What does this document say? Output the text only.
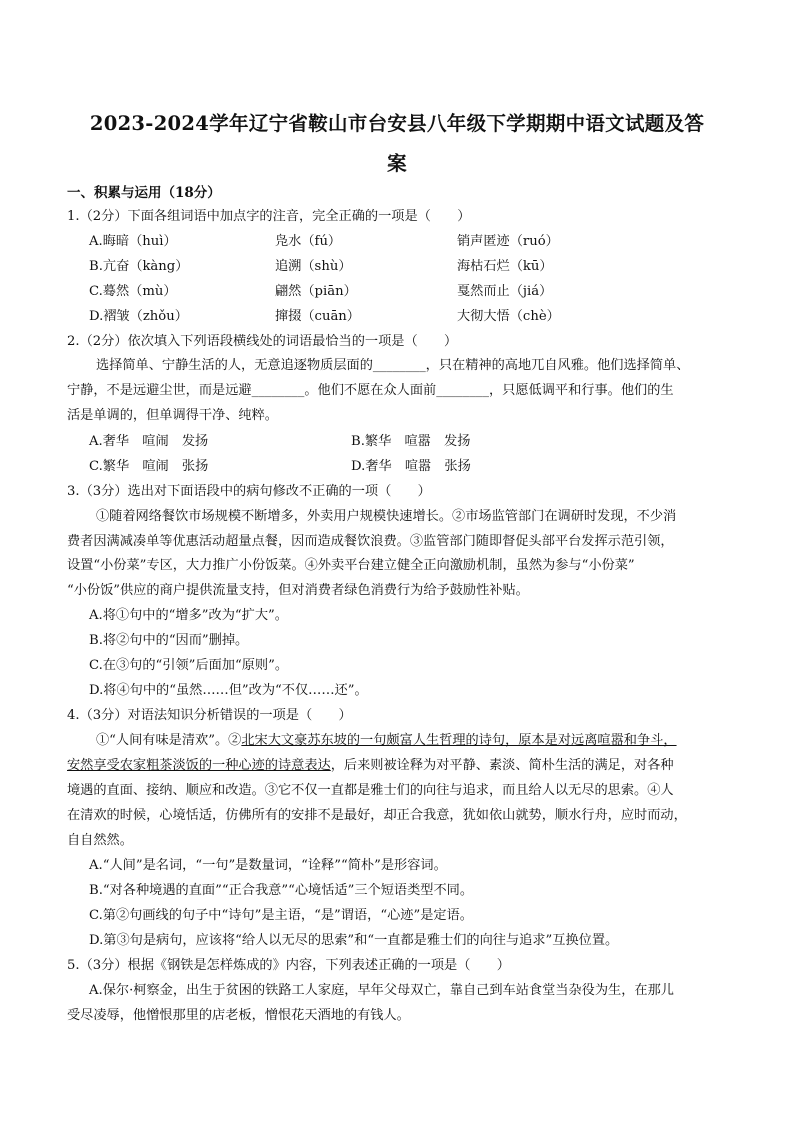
2023-2024学年辽宁省鞍山市台安县八年级下学期期中语文试题及答
案
一、积累与运用（18分）
1.（2分）下面各组词语中加点字的注音，完全正确的一项是（　　）
A.晦暗（huì）	凫水（fú）	销声匿迹（ruó）
B.亢奋（kàng）	追溯（shù）	海枯石烂（kū）
C.蓦然（mù）	翩然（piān）	戛然而止（jiá）
D.褶皱（zhǒu）	撺掇（cuān）	大彻大悟（chè）
2.（2分）依次填入下列语段横线处的词语最恰当的一项是（　　）
选择简单、宁静生活的人，无意追逐物质层面的________，只在精神的高地兀自风雅。他们选择简单、
宁静，不是远避尘世，而是远避________。他们不愿在众人面前________，只愿低调平和行事。他们的生
活是单调的，但单调得干净、纯粹。
A.奢华　喧闹　发扬	B.繁华　喧嚣　发扬
C.繁华　喧闹　张扬	D.奢华　喧嚣　张扬
3.（3分）选出对下面语段中的病句修改不正确的一项（　　）
①随着网络餐饮市场规模不断增多，外卖用户规模快速增长。②市场监管部门在调研时发现，不少消
费者因满减凑单等优惠活动超量点餐，因而造成餐饮浪费。③监管部门随即督促头部平台发挥示范引领，
设置“小份菜”专区，大力推广小份饭菜。④外卖平台建立健全正向激励机制，虽然为参与“小份菜”
“小份饭”供应的商户提供流量支持，但对消费者绿色消费行为给予鼓励性补贴。
A.将①句中的“增多”改为“扩大”。
B.将②句中的“因而”删掉。
C.在③句的“引领”后面加“原则”。
D.将④句中的“虽然……但”改为“不仅……还”。
4.（3分）对语法知识分析错误的一项是（　　）
①“人间有味是清欢”。②北宋大文豪苏东坡的一句颇富人生哲理的诗句，原本是对远离喧嚣和争斗，
安然享受农家粗茶淡饭的一种心迹的诗意表达，后来则被诠释为对平静、素淡、简朴生活的满足，对各种
境遇的直面、接纳、顺应和改造。③它不仅一直都是雅士们的向往与追求，而且给人以无尽的思索。④人
在清欢的时候，心境恬适，仿佛所有的安排不是最好，却正合我意，犹如依山就势，顺水行舟，应时而动，
自自然然。
A.“人间”是名词，“一句”是数量词，“诠释”“简朴”是形容词。
B.“对各种境遇的直面”“正合我意”“心境恬适”三个短语类型不同。
C.第②句画线的句子中“诗句”是主语，“是”谓语，“心迹”是定语。
D.第③句是病句，应该将“给人以无尽的思索”和“一直都是雅士们的向往与追求”互换位置。
5.（3分）根据《钢铁是怎样炼成的》内容，下列表述正确的一项是（　　）
A.保尔·柯察金，出生于贫困的铁路工人家庭，早年父母双亡，靠自己到车站食堂当杂役为生，在那儿
受尽凌辱，他憎恨那里的店老板，憎恨花天酒地的有钱人。
